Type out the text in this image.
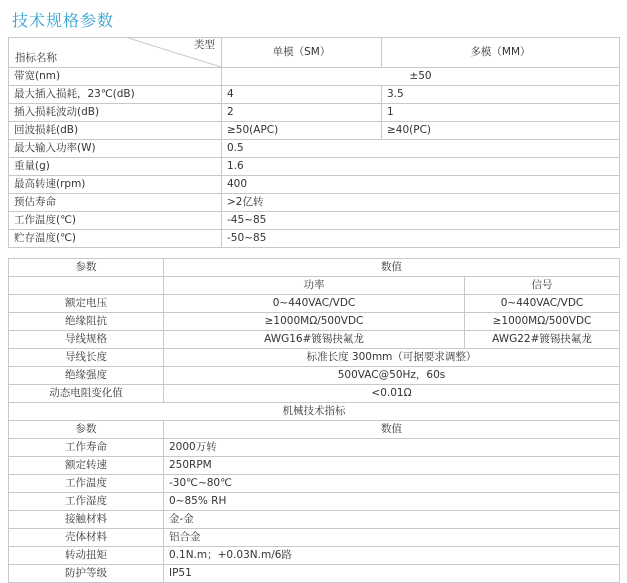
技术规格参数
类型
指标名称	单模（SM）	多模（MM）
带宽(nm)	±50	
最大插入损耗，23℃(dB)	4	3.5
插入损耗波动(dB)	2	1
回波损耗(dB)	≥50(APC)	≥40(PC)
最大输入功率(W)	0.5	
重量(g)	1.6	
最高转速(rpm)	400	
预估寿命	>2亿转	
工作温度(℃)	-45~85	
贮存温度(℃)	-50~85	
参数	数值	
	功率	信号
额定电压	0~440VAC/VDC	0~440VAC/VDC
绝缘阻抗	≥1000MΩ/500VDC	≥1000MΩ/500VDC
导线规格	AWG16#镀锡抉氟龙	AWG22#镀锡抉氟龙
导线长度	标准长度 300mm（可据要求调整）	
绝缘强度	500VAC@50Hz，60s	
动态电阻变化值	<0.01Ω	
机械技术指标		
参数	数值	
工作寿命	2000万转	
额定转速	250RPM	
工作温度	-30℃~80℃	
工作湿度	0~85% RH	
接触材料	金-金	
壳体材料	铝合金	
转动扭矩	0.1N.m；+0.03N.m/6路	
防护等级	IP51	
